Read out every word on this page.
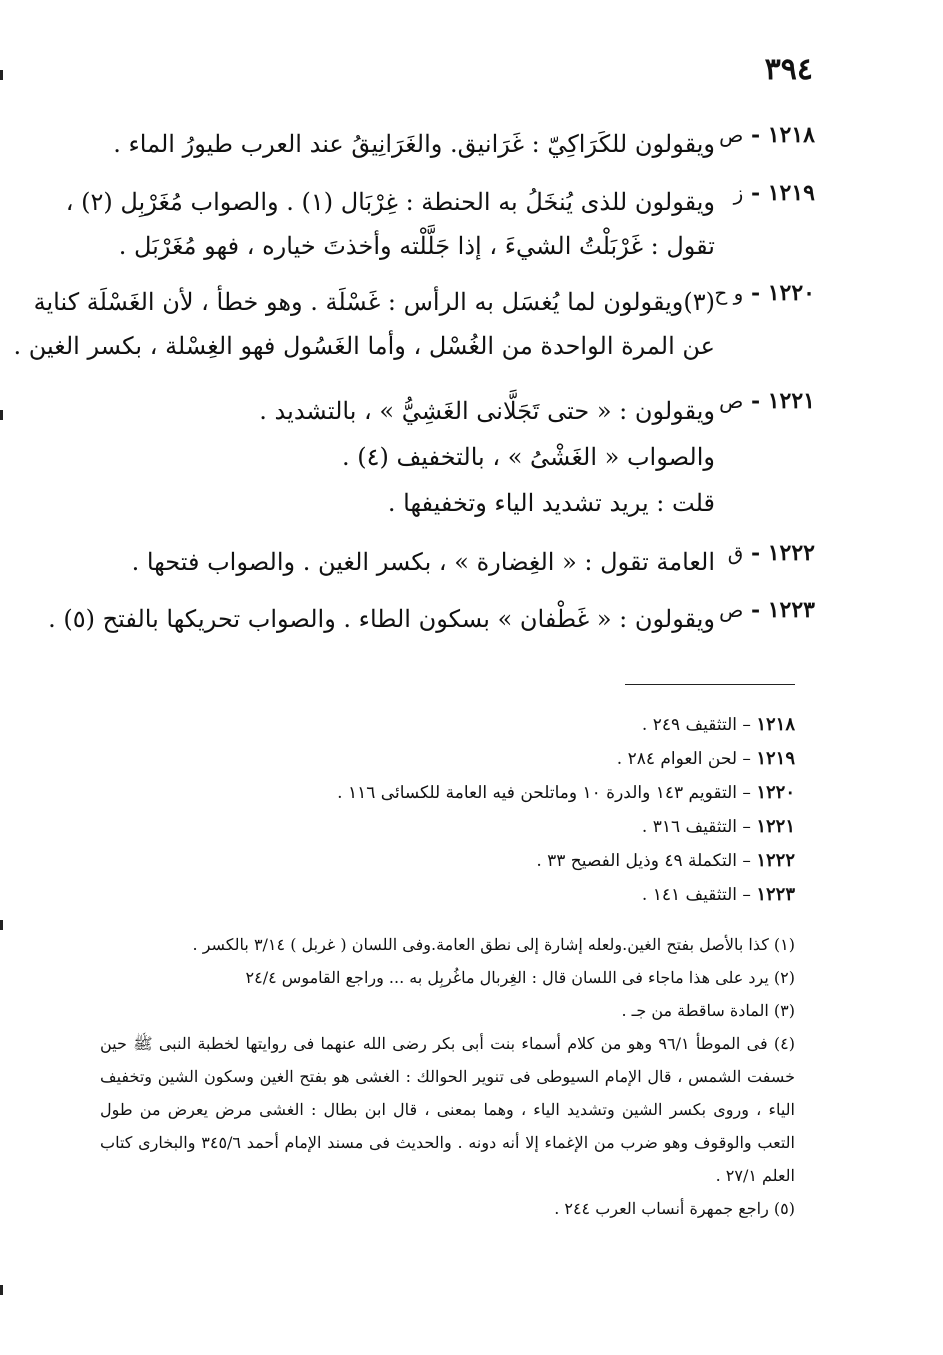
٣٩٤
١٢١٨ - ص
ويقولون للكَرَاكِيّ : غَرَانيق. والغَرَانِيقُ عند العرب طيورُ الماء .
١٢١٩ - ز
ويقولون للذى يُنخَلُ به الحنطة : غِرْبَال (١) . والصواب مُغَرْبِل (٢) ،
تقول : غَرْبَلْتُ الشيءَ ، إذا جَلَّلْته وأخذتَ خياره ، فهو مُغَرْبَل .
١٢٢٠ - و ح
(٣)ويقولون لما يُغسَل به الرأس : غَسْلَة . وهو خطأ ، لأن الغَسْلَة كناية
عن المرة الواحدة من الغُسْل ، وأما الغَسُول فهو الغِسْلة ، بكسر الغين .
١٢٢١ - ص
ويقولون : « حتى تَجَلَّانى الغَشِيُّ » ، بالتشديد .
والصواب « الغَشْىُ » ، بالتخفيف (٤) .
قلت : يريد تشديد الياء وتخفيفها .
١٢٢٢ - ق
العامة تقول : « الغِضارة » ، بكسر الغين . والصواب فتحها .
١٢٢٣ - ص
ويقولون : « غَطْفان » بسكون الطاء . والصواب تحريكها بالفتح (٥) .
١٢١٨ – التثقيف ٢٤٩ .
١٢١٩ – لحن العوام ٢٨٤ .
١٢٢٠ – التقويم ١٤٣ والدرة ١٠ وماتلحن فيه العامة للكسائى ١١٦ .
١٢٢١ – التثقيف ٣١٦ .
١٢٢٢ – التكملة ٤٩ وذيل الفصيح ٣٣ .
١٢٢٣ – التثقيف ١٤١ .
(١) كذا بالأصل بفتح الغين.ولعله إشارة إلى نطق العامة.وفى اللسان ( غربل ) ٣/١٤ بالكسر .
(٢) يرد على هذا ماجاء فى اللسان قال : الغِربال ماغُربِل به ... وراجع القاموس ٢٤/٤
(٣) المادة ساقطة من جـ .
(٤) فى الموطأ ٩٦/١ وهو من كلام أسماء بنت أبى بكر رضى الله عنهما فى روايتها لخطبة النبى ﷺ حين خسفت الشمس ، قال الإمام السيوطى فى تنوير الحوالك : الغشى هو بفتح الغين وسكون الشين وتخفيف الياء ، وروى بكسر الشين وتشديد الياء ، وهما بمعنى ، قال ابن بطال : الغشى مرض يعرض من طول التعب والوقوف وهو ضرب من الإغماء إلا أنه دونه . والحديث فى مسند الإمام أحمد ٣٤٥/٦ والبخارى كتاب العلم ٢٧/١ .
(٥) راجع جمهرة أنساب العرب ٢٤٤ .
